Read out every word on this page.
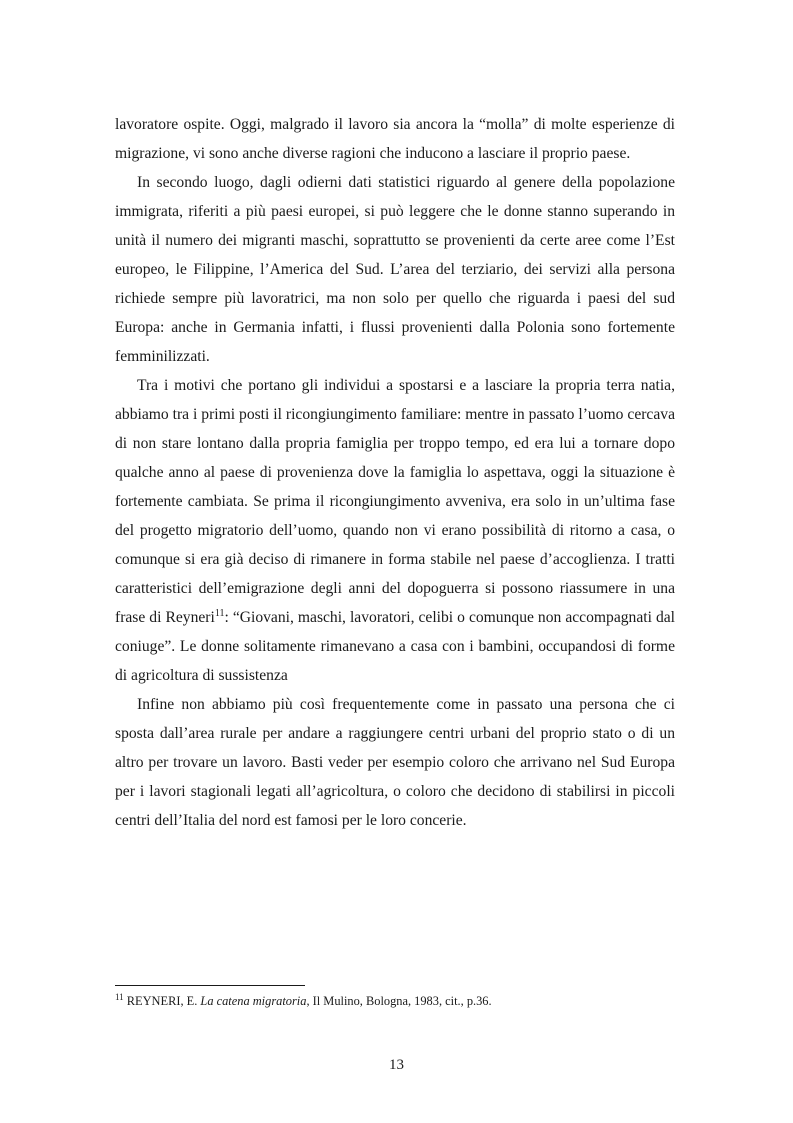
lavoratore ospite. Oggi, malgrado il lavoro sia ancora la “molla” di molte esperienze di migrazione, vi sono anche diverse ragioni che inducono a lasciare il proprio paese.

In secondo luogo, dagli odierni dati statistici riguardo al genere della popolazione immigrata, riferiti a più paesi europei, si può leggere che le donne stanno superando in unità il numero dei migranti maschi, soprattutto se provenienti da certe aree come l’Est europeo, le Filippine, l’America del Sud. L’area del terziario, dei servizi alla persona richiede sempre più lavoratrici, ma non solo per quello che riguarda i paesi del sud Europa: anche in Germania infatti, i flussi provenienti dalla Polonia sono fortemente femminilizzati.

Tra i motivi che portano gli individui a spostarsi e a lasciare la propria terra natia, abbiamo tra i primi posti il ricongiungimento familiare: mentre in passato l’uomo cercava di non stare lontano dalla propria famiglia per troppo tempo, ed era lui a tornare dopo qualche anno al paese di provenienza dove la famiglia lo aspettava, oggi la situazione è fortemente cambiata. Se prima il ricongiungimento avveniva, era solo in un’ultima fase del progetto migratorio dell’uomo, quando non vi erano possibilità di ritorno a casa, o comunque si era già deciso di rimanere in forma stabile nel paese d’accoglienza. I tratti caratteristici dell’emigrazione degli anni del dopoguerra si possono riassumere in una frase di Reyneri$^{11}$: “Giovani, maschi, lavoratori, celibi o comunque non accompagnati dal coniuge”. Le donne solitamente rimanevano a casa con i bambini, occupandosi di forme di agricoltura di sussistenza

Infine non abbiamo più così frequentemente come in passato una persona che ci sposta dall’area rurale per andare a raggiungere centri urbani del proprio stato o di un altro per trovare un lavoro. Basti veder per esempio coloro che arrivano nel Sud Europa per i lavori stagionali legati all’agricoltura, o coloro che decidono di stabilirsi in piccoli centri dell’Italia del nord est famosi per le loro concerie.

$^{11}$ REYNERI, E. La catena migratoria, Il Mulino, Bologna, 1983, cit., p.36.
13
